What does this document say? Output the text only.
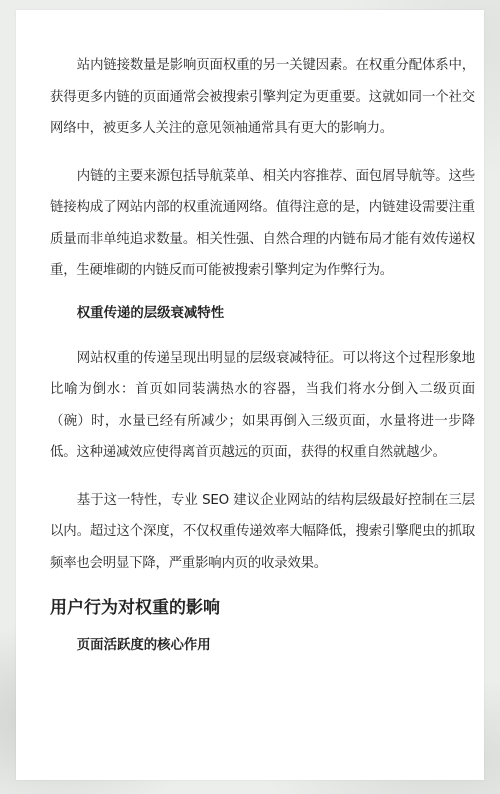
站内链接数量是影响页面权重的另一关键因素。在权重分配体系中，获得更多内链的页面通常会被搜索引擎判定为更重要。这就如同一个社交网络中，被更多人关注的意见领袖通常具有更大的影响力。

内链的主要来源包括导航菜单、相关内容推荐、面包屑导航等。这些链接构成了网站内部的权重流通网络。值得注意的是，内链建设需要注重质量而非单纯追求数量。相关性强、自然合理的内链布局才能有效传递权重，生硬堆砌的内链反而可能被搜索引擎判定为作弊行为。

权重传递的层级衰减特性

网站权重的传递呈现出明显的层级衰减特征。可以将这个过程形象地比喻为倒水：首页如同装满热水的容器，当我们将水分倒入二级页面（碗）时，水量已经有所减少；如果再倒入三级页面，水量将进一步降低。这种递减效应使得离首页越远的页面，获得的权重自然就越少。

基于这一特性，专业 SEO 建议企业网站的结构层级最好控制在三层以内。超过这个深度，不仅权重传递效率大幅降低，搜索引擎爬虫的抓取频率也会明显下降，严重影响内页的收录效果。

用户行为对权重的影响
页面活跃度的核心作用
